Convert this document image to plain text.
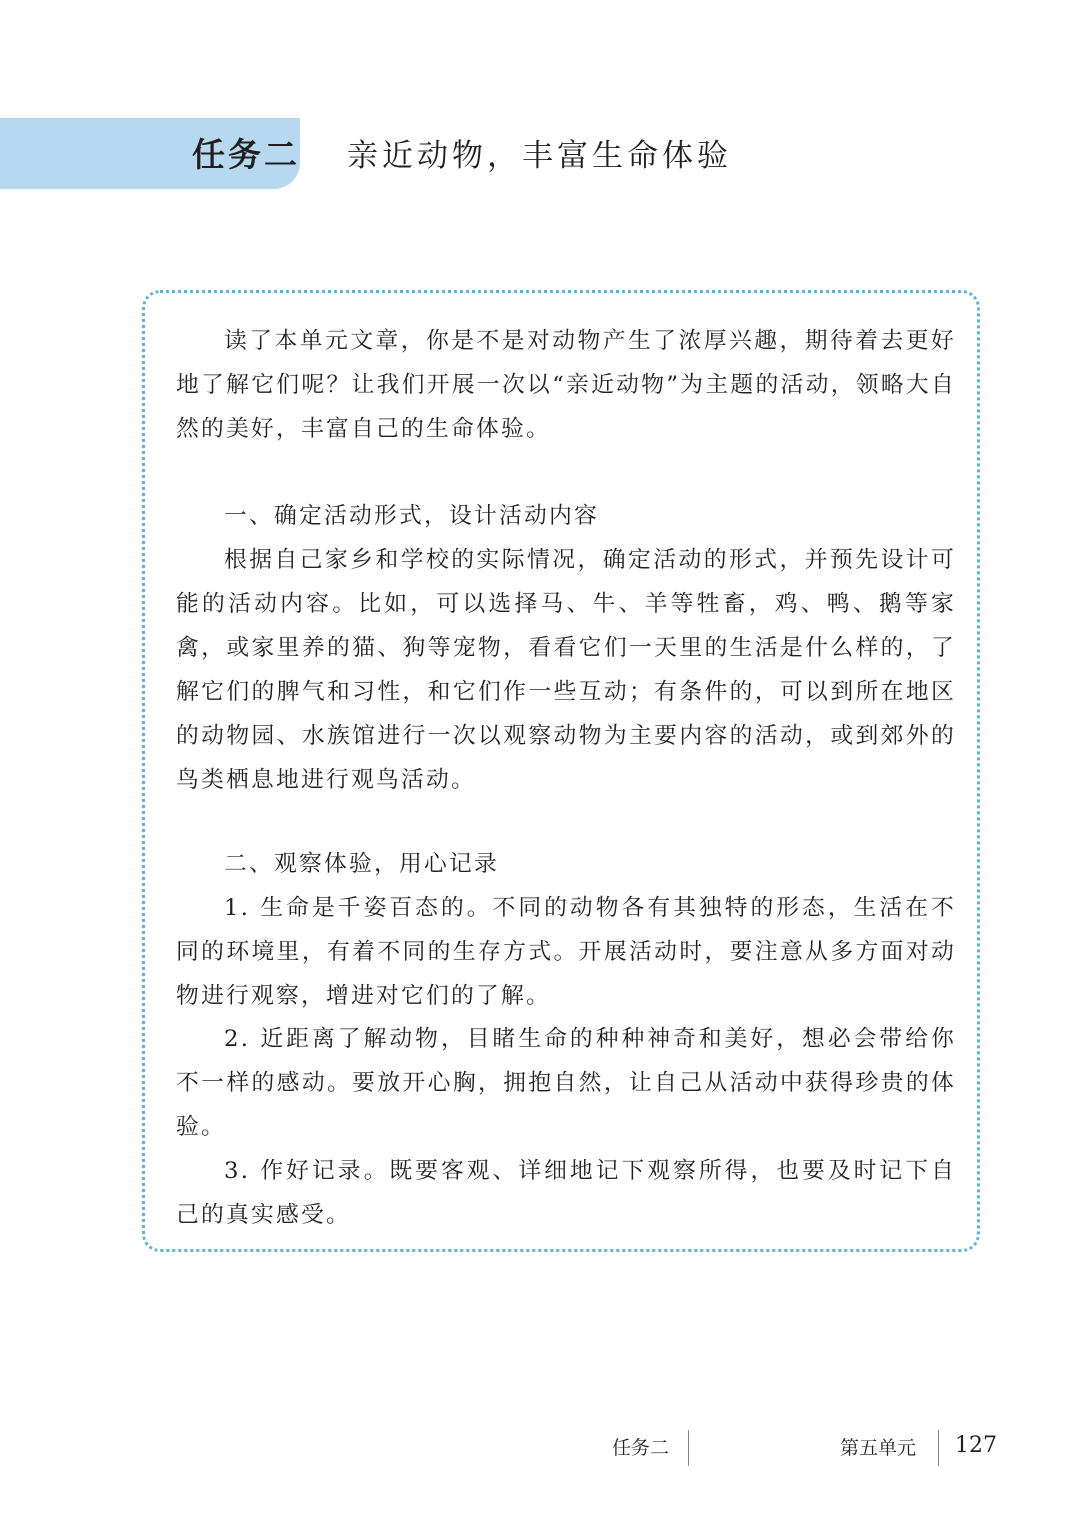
任务二 亲近动物，丰富生命体验

读了本单元文章，你是不是对动物产生了浓厚兴趣，期待着去更好地了解它们呢？让我们开展一次以“亲近动物”为主题的活动，领略大自然的美好，丰富自己的生命体验。

一、确定活动形式，设计活动内容

根据自己家乡和学校的实际情况，确定活动的形式，并预先设计可能的活动内容。比如，可以选择马、牛、羊等牲畜，鸡、鸭、鹅等家禽，或家里养的猫、狗等宠物，看看它们一天里的生活是什么样的，了解它们的脾气和习性，和它们作一些互动；有条件的，可以到所在地区的动物园、水族馆进行一次以观察动物为主要内容的活动，或到郊外的鸟类栖息地进行观鸟活动。

二、观察体验，用心记录

1. 生命是千姿百态的。不同的动物各有其独特的形态，生活在不同的环境里，有着不同的生存方式。开展活动时，要注意从多方面对动物进行观察，增进对它们的了解。

2. 近距离了解动物，目睹生命的种种神奇和美好，想必会带给你不一样的感动。要放开心胸，拥抱自然，让自己从活动中获得珍贵的体验。

3. 作好记录。既要客观、详细地记下观察所得，也要及时记下自己的真实感受。

任务二	第五单元 127
